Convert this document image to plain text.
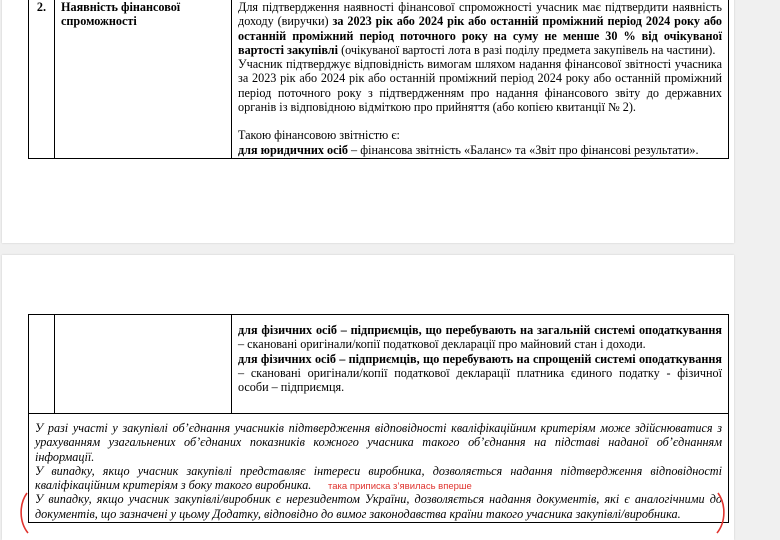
2.	Наявність фінансової спроможності	

Для підтвердження наявності фінансової спроможності учасник має підтвердити наявність доходу (виручки) за 2023 рік або 2024 рік або останній проміжний період 2024 року або останній проміжний період поточного року на суму не менше 30 % від очікуваної вартості закупівлі (очікуваної вартості лота в разі поділу предмета закупівель на частини).

Учасник підтверджує відповідність вимогам шляхом надання фінансової звітності учасника за 2023 рік або 2024 рік або останній проміжний період 2024 року або останній проміжний період поточного року з підтвердженням про надання фінансового звіту до державних органів із відповідною відміткою про прийняття (або копією квитанції № 2).

Такою фінансовою звітністю є:

для юридичних осіб – фінансова звітність «Баланс» та «Звіт про фінансові результати».

для фізичних осіб – підприємців, що перебувають на загальній системі оподаткування – скановані оригінали/копії податкової декларації про майновий стан і доходи.

для фізичних осіб – підприємців, що перебувають на спрощеній системі оподаткування – скановані оригінали/копії податкової декларації платника єдиного податку - фізичної особи – підприємця.

У разі участі у закупівлі об’єднання учасників підтвердження відповідності кваліфікаційним критеріям може здійснюватися з урахуванням узагальнених об’єднаних показників кожного учасника такого об’єднання на підставі наданої об’єднанням інформації.

У випадку, якщо учасник закупівлі представляє інтереси виробника, дозволяється надання підтвердження відповідності кваліфікаційним критеріям з боку такого виробника.

У випадку, якщо учасник закупівлі/виробник є нерезидентом України, дозволяється надання документів, які є аналогічними до документів, що зазначені у цьому Додатку, відповідно до вимог законодавства країни такого учасника закупівлі/виробника.

така приписка з’явилась вперше
